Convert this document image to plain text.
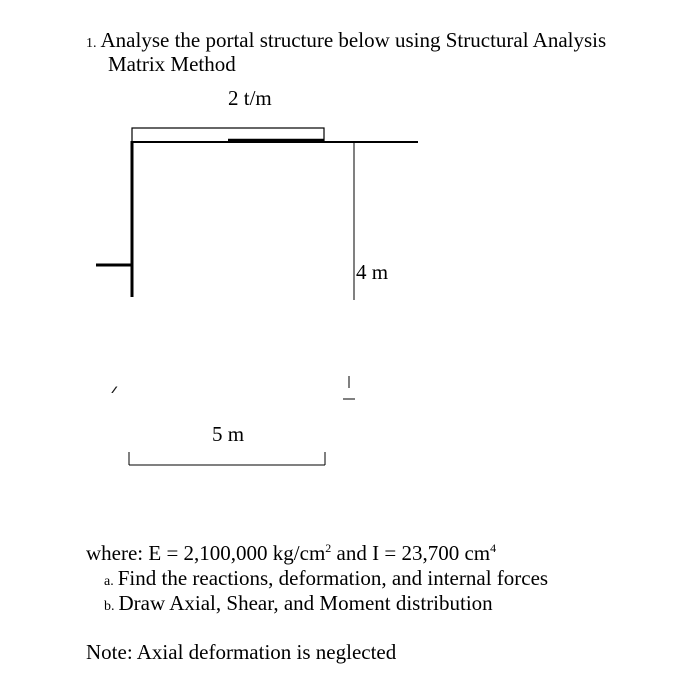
1. Analyse the portal structure below using Structural Analysis
Matrix Method
2 t/m
4 m
5 m
where: E = 2,100,000 $kg/cm^2$ and I = 23,700 $cm^4$
a. Find the reactions, deformation, and internal forces
b. Draw Axial, Shear, and Moment distribution
Note: Axial deformation is neglected
